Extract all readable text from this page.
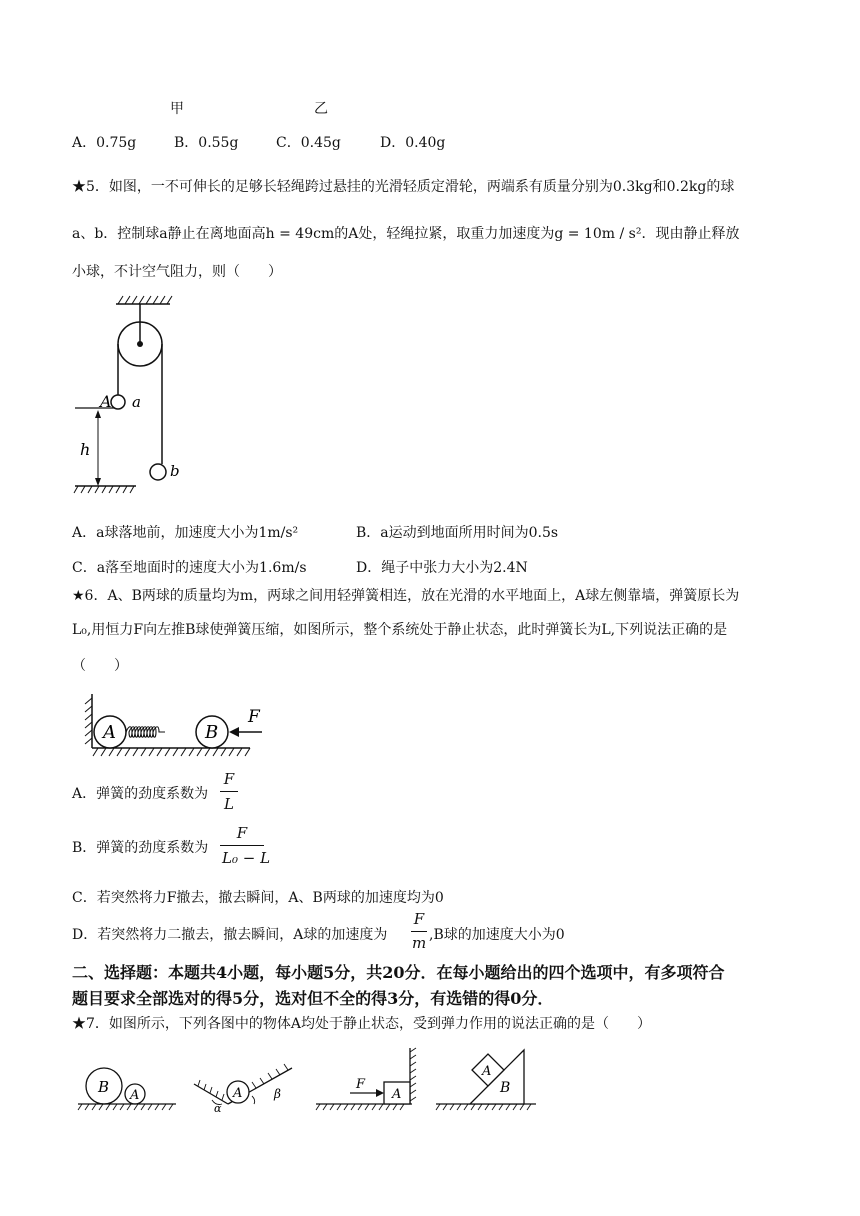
甲	乙
A．0.75g	B．0.55g	C．0.45g	D．0.40g
★5．如图，一不可伸长的足够长轻绳跨过悬挂的光滑轻质定滑轮，两端系有质量分别为0.3kg和0.2kg的球
a、b．控制球a静止在离地面高h = 49cm的A处，轻绳拉紧，取重力加速度为g = 10m / s²．现由静止释放
小球，不计空气阻力，则（　　）
A a
h
b
A．a球落地前，加速度大小为1m/s²	B．a运动到地面所用时间为0.5s
C．a落至地面时的速度大小为1.6m/s	D．绳子中张力大小为2.4N
★6．A、B两球的质量均为m，两球之间用轻弹簧相连，放在光滑的水平地面上，A球左侧靠墙，弹簧原长为
L₀,用恒力F向左推B球使弹簧压缩，如图所示，整个系统处于静止状态，此时弹簧长为L,下列说法正确的是
（　　）
A	B
F
A．弹簧的劲度系数为
F
L
B．弹簧的劲度系数为
F
L₀ − L
C．若突然将力F撤去，撤去瞬间，A、B两球的加速度均为0
D．若突然将力二撤去，撤去瞬间，A球的加速度为
F
m ,B球的加速度大小为0
二、选择题：本题共4小题，每小题5分，共20分．在每小题给出的四个选项中，有多项符合
题目要求全部选对的得5分，选对但不全的得3分，有选错的得0分．
★7．如图所示，下列各图中的物体A均处于静止状态，受到弹力作用的说法正确的是（　　）
B A	A
α
β	A
F	B
A
